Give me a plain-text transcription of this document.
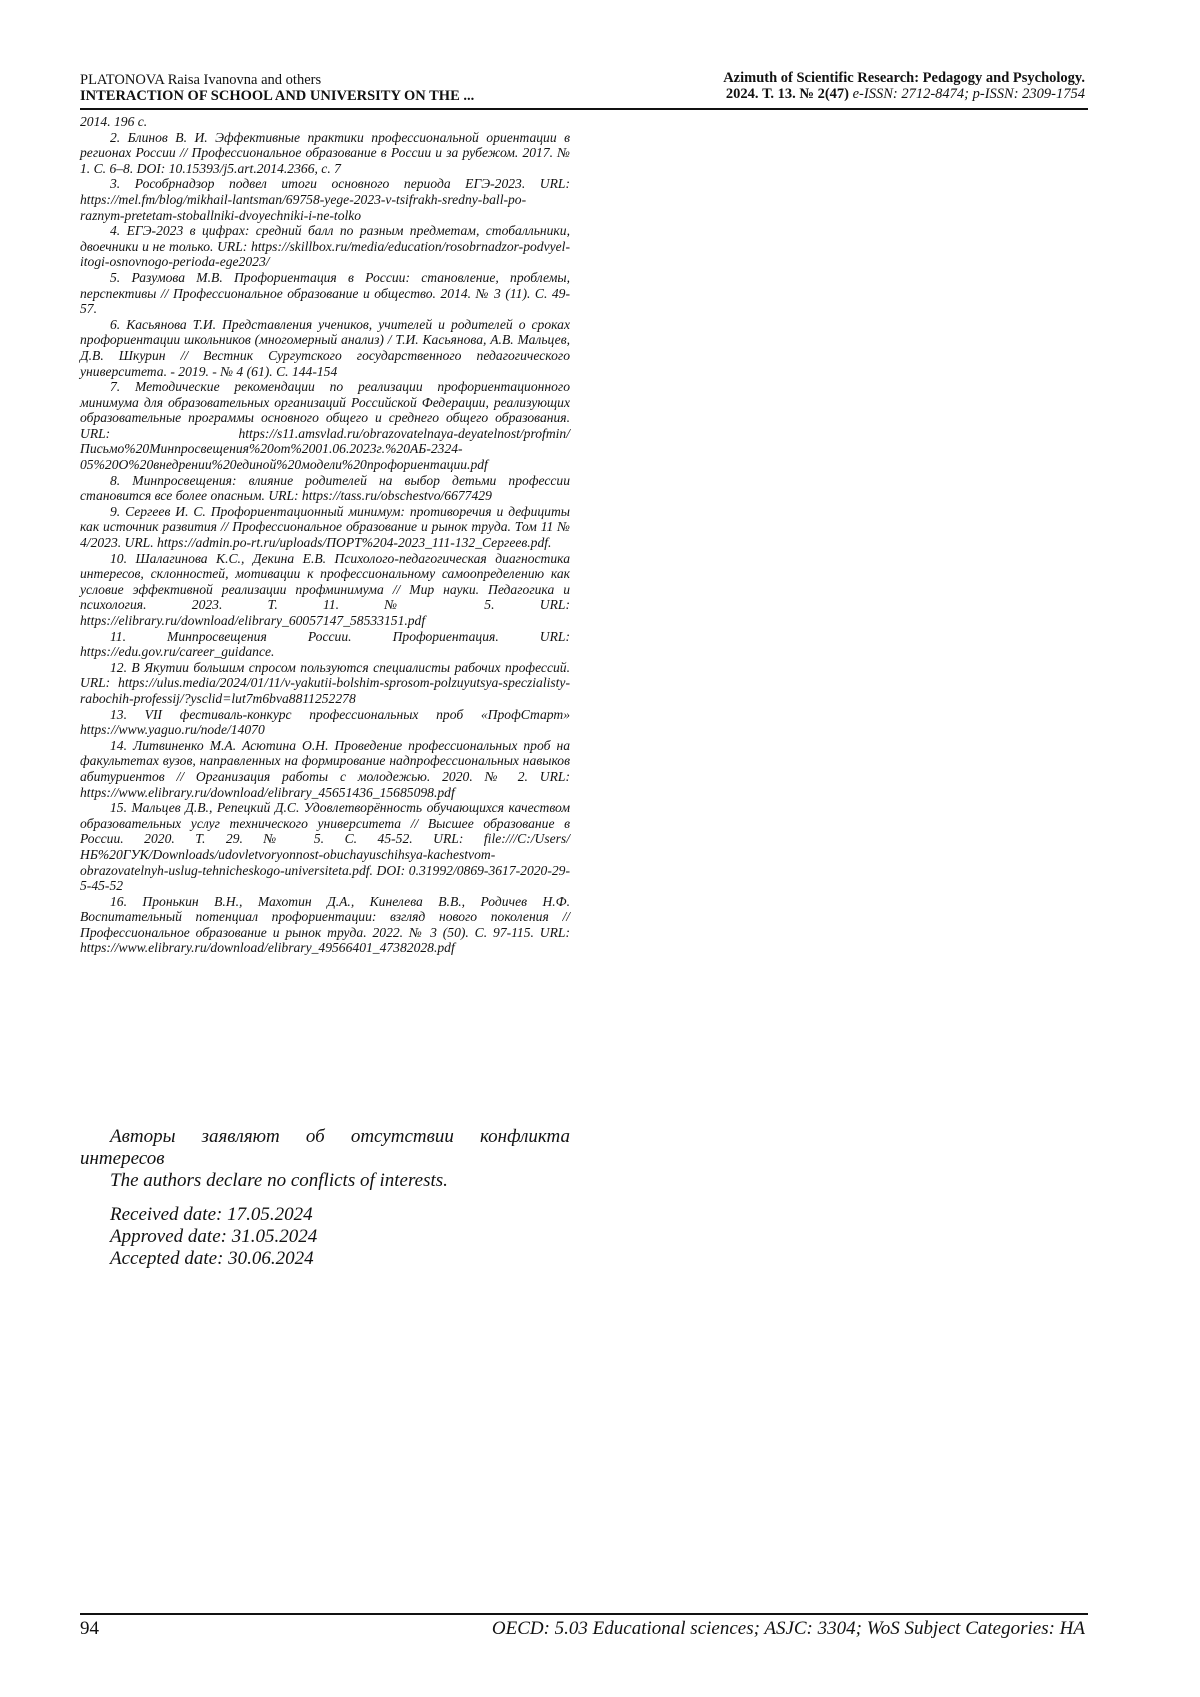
PLATONOVA Raisa Ivanovna and others
INTERACTION OF SCHOOL AND UNIVERSITY ON THE ...
Azimuth of Scientific Research: Pedagogy and Psychology.
2024. Т. 13. № 2(47) e-ISSN: 2712-8474; p-ISSN: 2309-1754

2014. 196 с.

2. Блинов В. И. Эффективные практики профессиональной ориентации в регионах России // Профессиональное образование в России и за рубежом. 2017. № 1. С. 6–8. DOI: 10.15393/j5.art.2014.2366, с. 7

3. Рособрнадзор подвел итоги основного периода ЕГЭ-2023. URL: https://mel.fm/blog/mikhail-lantsman/69758-yege-2023-v-tsifrakh-sredny-ball-po-raznym-pretetam-stoballniki-dvoyechniki-i-ne-tolko

4. ЕГЭ-2023 в цифрах: средний балл по разным предметам, стобалльники, двоечники и не только. URL: https://skillbox.ru/media/education/rosobrnadzor-podvyel-itogi-osnovnogo-perioda-ege2023/

5. Разумова М.В. Профориентация в России: становление, проблемы, перспективы // Профессиональное образование и общество. 2014. № 3 (11). С. 49-57.

6. Касьянова Т.И. Представления учеников, учителей и родителей о сроках профориентации школьников (многомерный анализ) / Т.И. Касьянова, А.В. Мальцев, Д.В. Шкурин // Вестник Сургутского государственного педагогического университета. - 2019. - № 4 (61). С. 144-154

7. Методические рекомендации по реализации профориентационного минимума для образовательных организаций Российской Федерации, реализующих образовательные программы основного общего и среднего общего образования. URL: https://s11.amsvlad.ru/obrazovatelnaya-deyatelnost/profmin/Письмо%20Минпросвещения%20от%2001.06.2023г.%20АБ-2324-05%20О%20внедрении%20единой%20модели%20профориентации.pdf

8. Минпросвещения: влияние родителей на выбор детьми профессии становится все более опасным. URL: https://tass.ru/obschestvo/6677429

9. Сергеев И. С. Профориентационный минимум: противоречия и дефициты как источник развития // Профессиональное образование и рынок труда. Том 11 № 4/2023. URL. https://admin.po-rt.ru/uploads/ПОРТ%204-2023_111-132_Сергеев.pdf.

10. Шалагинова К.С., Декина Е.В. Психолого-педагогическая диагностика интересов, склонностей, мотивации к профессиональному самоопределению как условие эффективной реализации профминимума // Мир науки. Педагогика и психология. 2023. Т. 11. № 5. URL: https://elibrary.ru/download/elibrary_60057147_58533151.pdf

11. Минпросвещения России. Профориентация. URL: https://edu.gov.ru/career_guidance.

12. В Якутии большим спросом пользуются специалисты рабочих профессий. URL: https://ulus.media/2024/01/11/v-yakutii-bolshim-sprosom-polzuyutsya-speczialisty-rabochih-professij/?ysclid=lut7m6bva8811252278

13. VII фестиваль-конкурс профессиональных проб «ПрофСтарт» https://www.yaguo.ru/node/14070

14. Литвиненко М.А. Асютина О.Н. Проведение профессиональных проб на факультетах вузов, направленных на формирование надпрофессиональных навыков абитуриентов // Организация работы с молодежью. 2020. № 2. URL: https://www.elibrary.ru/download/elibrary_45651436_15685098.pdf

15. Мальцев Д.В., Репецкий Д.С. Удовлетворённость обучающихся качеством образовательных услуг технического университета // Высшее образование в России. 2020. Т. 29. № 5. С. 45-52. URL: file:///C:/Users/НБ%20ГУК/Downloads/udovletvoryonnost-obuchayuschihsya-kachestvom-obrazovatelnyh-uslug-tehnicheskogo-universiteta.pdf. DOI: 0.31992/0869-3617-2020-29-5-45-52

16. Пронькин В.Н., Махотин Д.А., Кинелева В.В., Родичев Н.Ф. Воспитательный потенциал профориентации: взгляд нового поколения // Профессиональное образование и рынок труда. 2022. № 3 (50). С. 97-115. URL: https://www.elibrary.ru/download/elibrary_49566401_47382028.pdf

Авторы заявляют об отсутствии конфликта интересов

The authors declare no conflicts of interests.

Received date: 17.05.2024
Approved date: 31.05.2024
Accepted date: 30.06.2024
94	OECD: 5.03 Educational sciences; ASJC: 3304; WoS Subject Categories: HA
